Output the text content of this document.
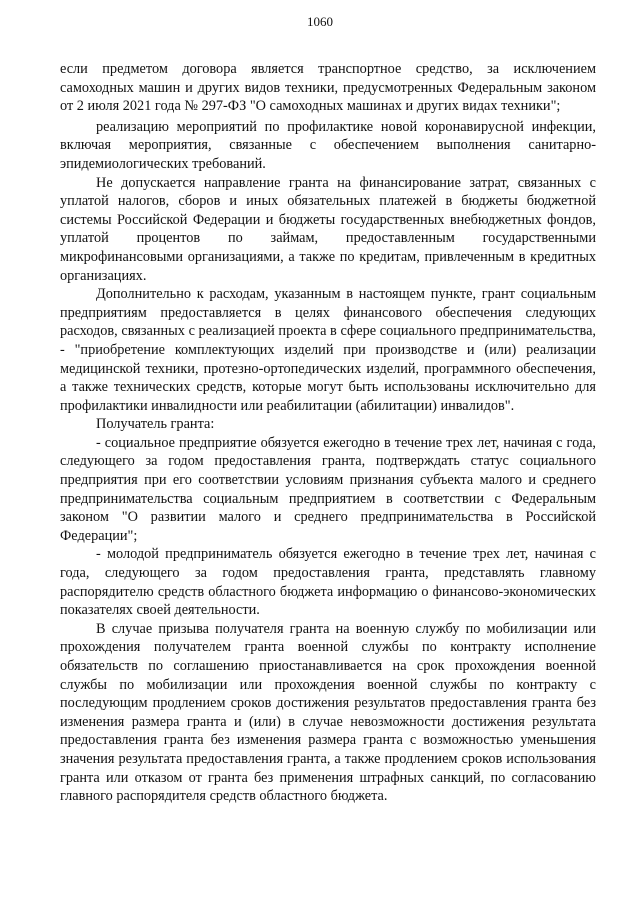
1060

если предметом договора является транспортное средство, за исключением самоходных машин и других видов техники, предусмотренных Федеральным законом от 2 июля 2021 года № 297-ФЗ "О самоходных машинах и других видах техники";

реализацию мероприятий по профилактике новой коронавирусной инфекции, включая мероприятия, связанные с обеспечением выполнения санитарно-эпидемиологических требований.

Не допускается направление гранта на финансирование затрат, связанных с уплатой налогов, сборов и иных обязательных платежей в бюджеты бюджетной системы Российской Федерации и бюджеты государственных внебюджетных фондов, уплатой процентов по займам, предоставленным государственными микрофинансовыми организациями, а также по кредитам, привлеченным в кредитных организациях.

Дополнительно к расходам, указанным в настоящем пункте, грант социальным предприятиям предоставляется в целях финансового обеспечения следующих расходов, связанных с реализацией проекта в сфере социального предпринимательства, - "приобретение комплектующих изделий при производстве и (или) реализации медицинской техники, протезно-ортопедических изделий, программного обеспечения, а также технических средств, которые могут быть использованы исключительно для профилактики инвалидности или реабилитации (абилитации) инвалидов".

Получатель гранта:

- социальное предприятие обязуется ежегодно в течение трех лет, начиная с года, следующего за годом предоставления гранта, подтверждать статус социального предприятия при его соответствии условиям признания субъекта малого и среднего предпринимательства социальным предприятием в соответствии с Федеральным законом "О развитии малого и среднего предпринимательства в Российской Федерации";

- молодой предприниматель обязуется ежегодно в течение трех лет, начиная с года, следующего за годом предоставления гранта, представлять главному распорядителю средств областного бюджета информацию о финансово-экономических показателях своей деятельности.

В случае призыва получателя гранта на военную службу по мобилизации или прохождения получателем гранта военной службы по контракту исполнение обязательств по соглашению приостанавливается на срок прохождения военной службы по мобилизации или прохождения военной службы по контракту с последующим продлением сроков достижения результатов предоставления гранта без изменения размера гранта и (или) в случае невозможности достижения результата предоставления гранта без изменения размера гранта с возможностью уменьшения значения результата предоставления гранта, а также продлением сроков использования гранта или отказом от гранта без применения штрафных санкций, по согласованию главного распорядителя средств областного бюджета.
